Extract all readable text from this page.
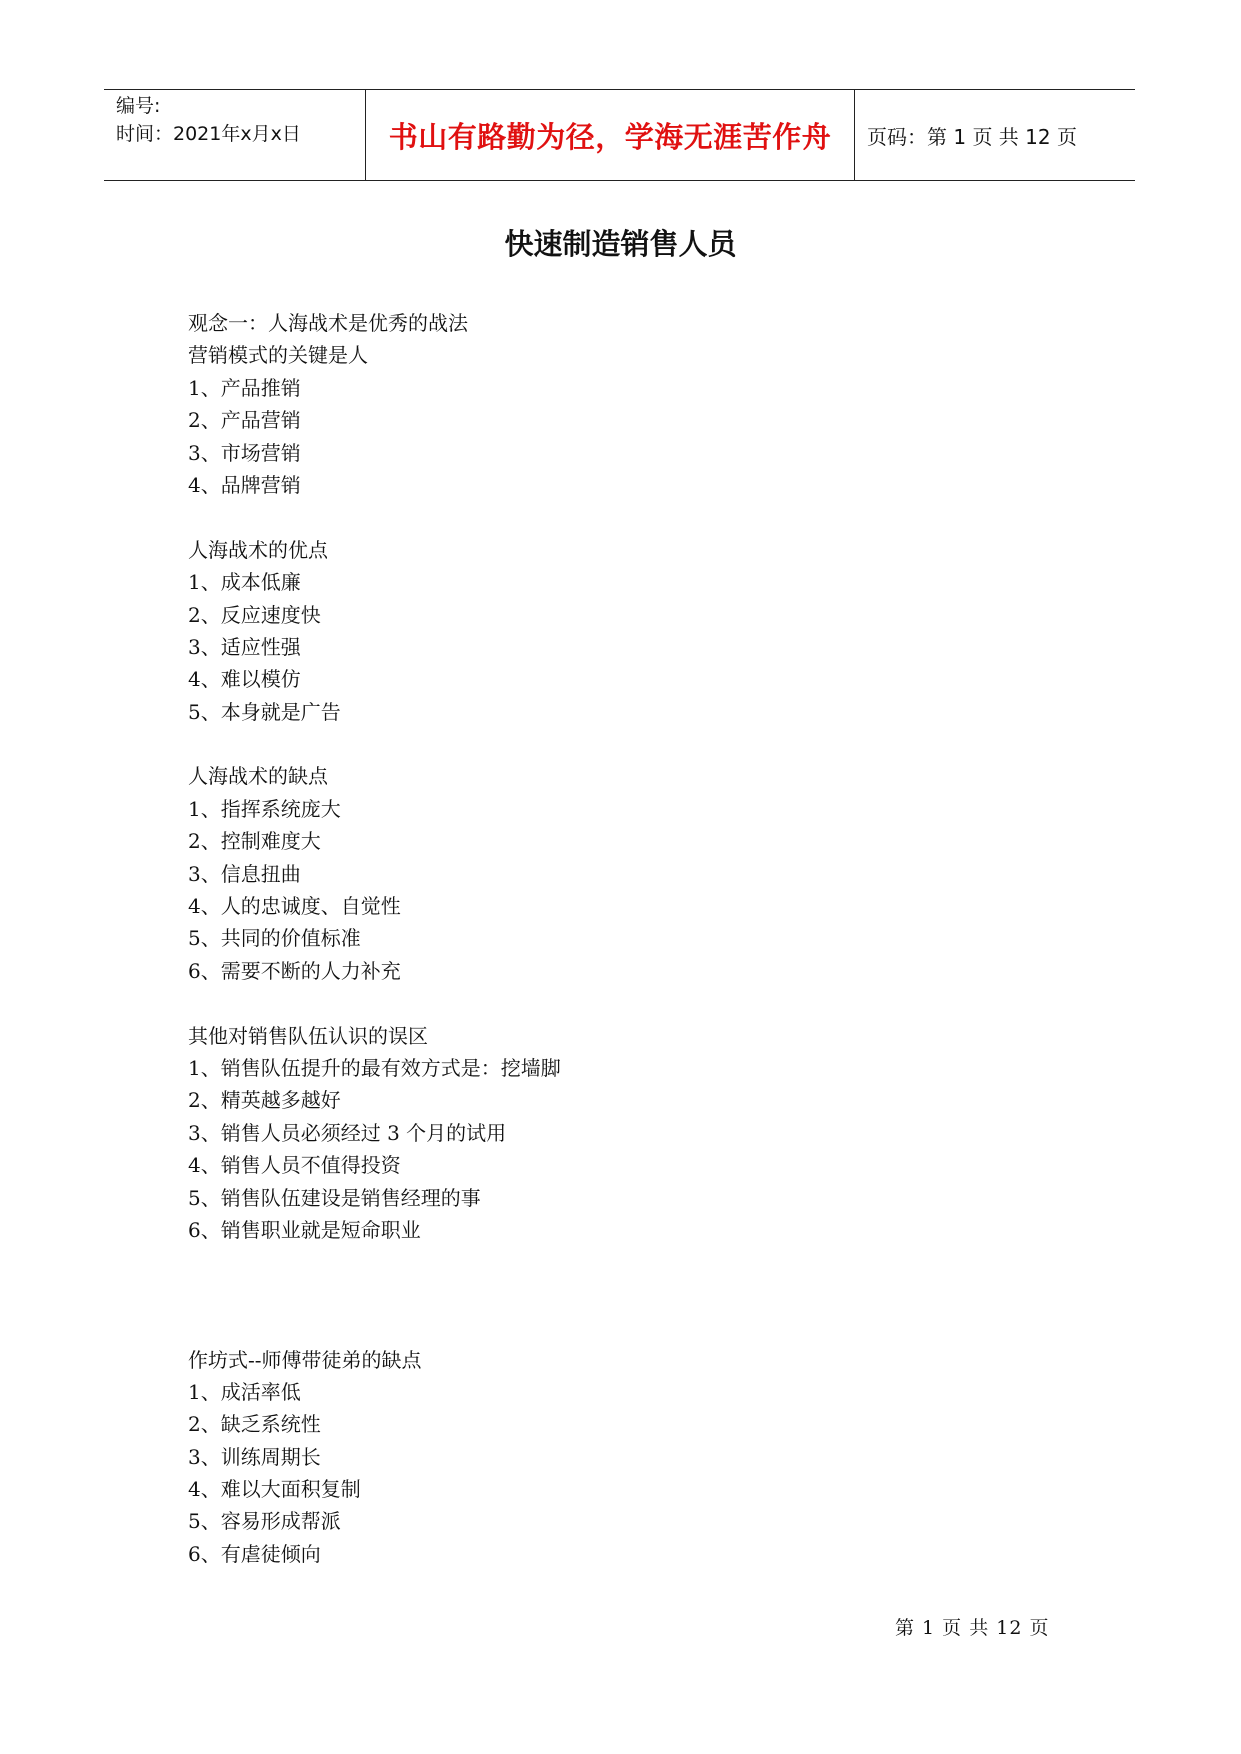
编号:
时间：2021年x月x日	书山有路勤为径，学海无涯苦作舟 页码：第 1 页 共 12 页
快速制造销售人员
观念一：人海战术是优秀的战法
营销模式的关键是人
1、产品推销
2、产品营销
3、市场营销
4、品牌营销
人海战术的优点
1、成本低廉
2、反应速度快
3、适应性强
4、难以模仿
5、本身就是广告
人海战术的缺点
1、指挥系统庞大
2、控制难度大
3、信息扭曲
4、人的忠诚度、自觉性
5、共同的价值标准
6、需要不断的人力补充
其他对销售队伍认识的误区
1、销售队伍提升的最有效方式是：挖墙脚
2、精英越多越好
3、销售人员必须经过 3 个月的试用
4、销售人员不值得投资
5、销售队伍建设是销售经理的事
6、销售职业就是短命职业
作坊式--师傅带徒弟的缺点
1、成活率低
2、缺乏系统性
3、训练周期长
4、难以大面积复制
5、容易形成帮派
6、有虐徒倾向
第 1 页 共 12 页
